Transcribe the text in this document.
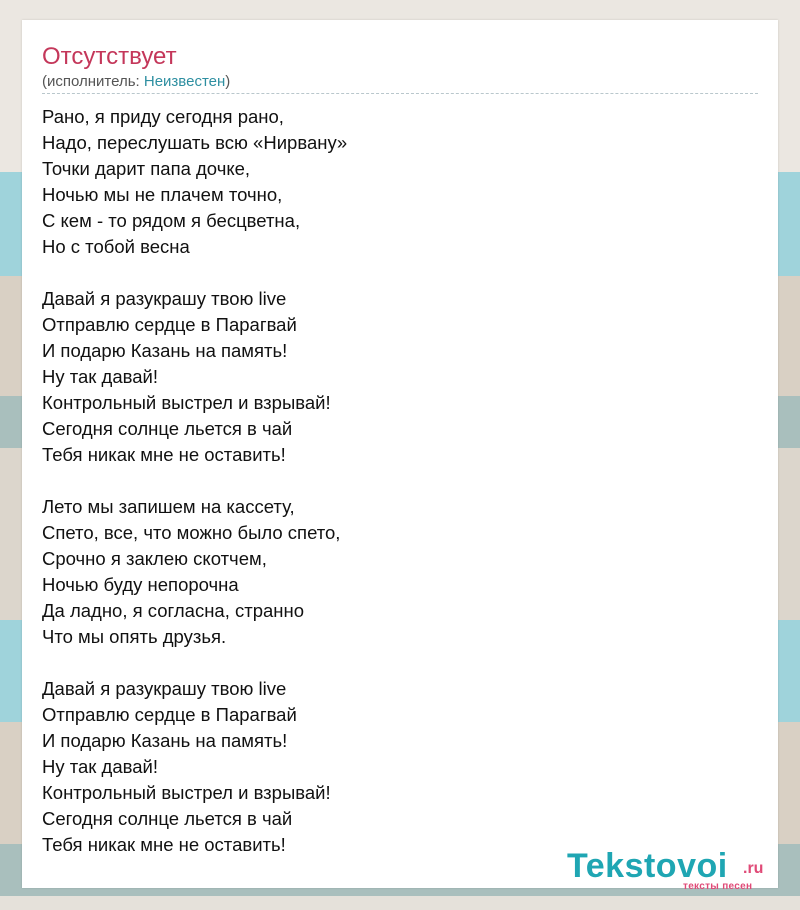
Отсутствует
(исполнитель: Неизвестен)
Рано, я приду сегодня рано,
Надо, переслушать всю «Нирвану»
Точки дарит папа дочке,
Ночью мы не плачем точно,
С кем - то рядом я бесцветна,
Но с тобой весна
Давай я разукрашу твою live
Отправлю сердце в Парагвай
И подарю Казань на память!
Ну так давай!
Контрольный выстрел и взрывай!
Сегодня солнце льется в чай
Тебя никак мне не оставить!
Лето мы запишем на кассету,
Спето, все, что можно было спето,
Срочно я заклею скотчем,
Ночью буду непорочна
Да ладно, я согласна, странно
Что мы опять друзья.
Давай я разукрашу твою live
Отправлю сердце в Парагвай
И подарю Казань на память!
Ну так давай!
Контрольный выстрел и взрывай!
Сегодня солнце льется в чай
Тебя никак мне не оставить!
Tekstovoi .ru
тексты песен
